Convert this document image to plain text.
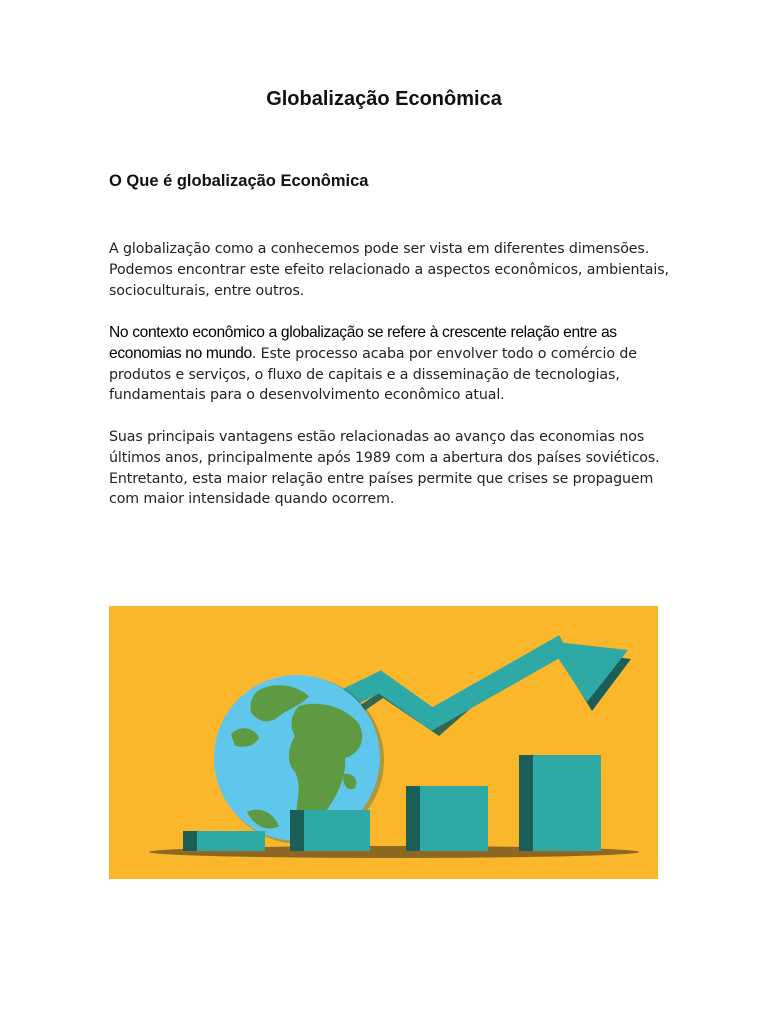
Globalização Econômica
O Que é globalização Econômica

A globalização como a conhecemos pode ser vista em diferentes dimensões. Podemos encontrar este efeito relacionado a aspectos econômicos, ambientais, socioculturais, entre outros.

No contexto econômico a globalização se refere à crescente relação entre as economias no mundo. Este processo acaba por envolver todo o comércio de produtos e serviços, o fluxo de capitais e a disseminação de tecnologias, fundamentais para o desenvolvimento econômico atual.

Suas principais vantagens estão relacionadas ao avanço das economias nos últimos anos, principalmente após 1989 com a abertura dos países soviéticos. Entretanto, esta maior relação entre países permite que crises se propaguem com maior intensidade quando ocorrem.
